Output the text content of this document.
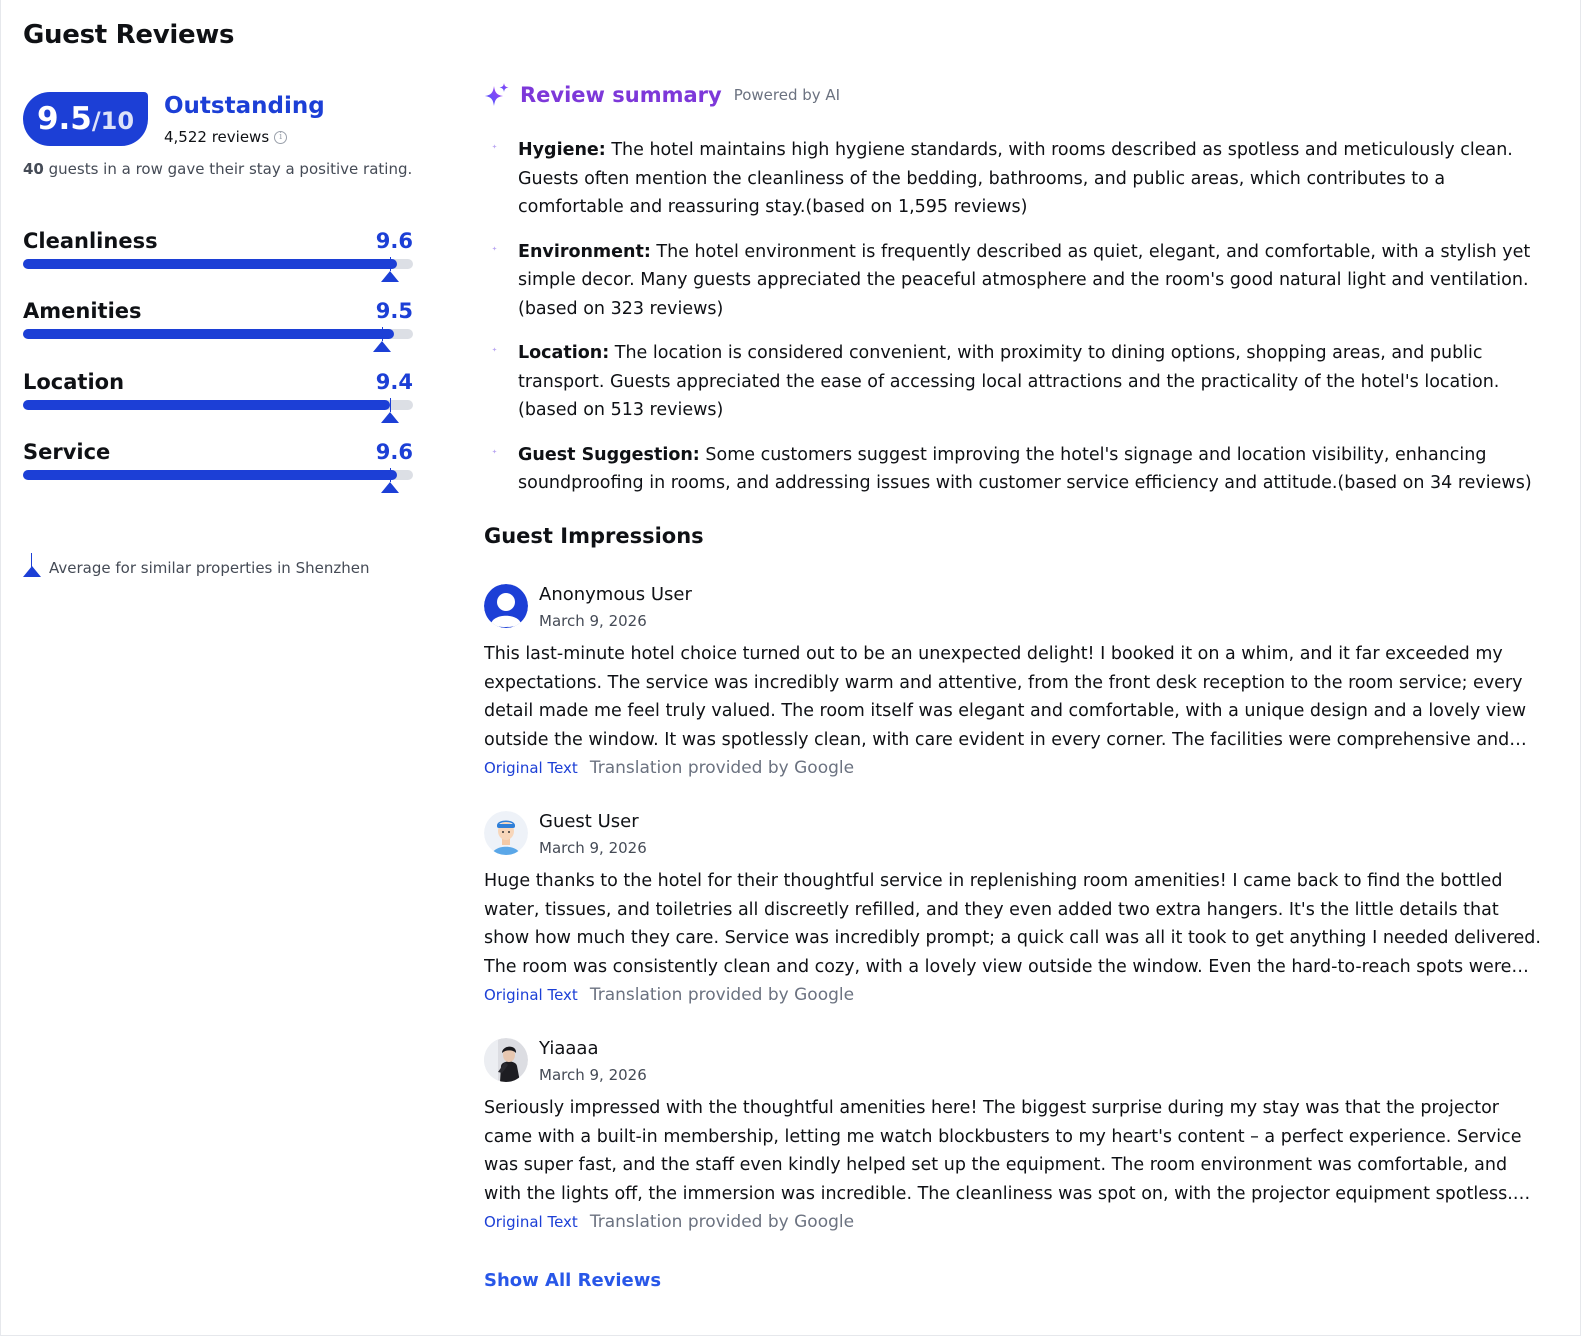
Guest Reviews
9.5 /10
Outstanding
4,522 reviews	i
40 guests in a row gave their stay a positive rating.
Cleanliness	9.6
Amenities	9.5
Location	9.4
Service	9.6
Average for similar properties in Shenzhen
Review summary Powered by AI

Hygiene: The hotel maintains high hygiene standards, with rooms described as spotless and meticulously clean. Guests often mention the cleanliness of the bedding, bathrooms, and public areas, which contributes to a comfortable and reassuring stay.(based on 1,595 reviews)

Environment: The hotel environment is frequently described as quiet, elegant, and comfortable, with a stylish yet simple decor. Many guests appreciated the peaceful atmosphere and the room's good natural light and ventilation.(based on 323 reviews)

Location: The location is considered convenient, with proximity to dining options, shopping areas, and public transport. Guests appreciated the ease of accessing local attractions and the practicality of the hotel's location.(based on 513 reviews)

Guest Suggestion: Some customers suggest improving the hotel's signage and location visibility, enhancing soundproofing in rooms, and addressing issues with customer service efficiency and attitude.(based on 34 reviews)

Guest Impressions
Anonymous User
March 9, 2026

This last-minute hotel choice turned out to be an unexpected delight! I booked it on a whim, and it far exceeded my expectations. The service was incredibly warm and attentive, from the front desk reception to the room service; every detail made me feel truly valued. The room itself was elegant and comfortable, with a unique design and a lovely view outside the window. It was spotlessly clean, with care evident in every corner. The facilities were comprehensive and

Original Text Translation provided by Google
Guest User
March 9, 2026

Huge thanks to the hotel for their thoughtful service in replenishing room amenities! I came back to find the bottled water, tissues, and toiletries all discreetly refilled, and they even added two extra hangers. It's the little details that show how much they care. Service was incredibly prompt; a quick call was all it took to get anything I needed delivered. The room was consistently clean and cozy, with a lovely view outside the window. Even the hard-to-reach spots were

Original Text Translation provided by Google
Yiaaaa
March 9, 2026

Seriously impressed with the thoughtful amenities here! The biggest surprise during my stay was that the projector came with a built-in membership, letting me watch blockbusters to my heart's content – a perfect experience. Service was super fast, and the staff even kindly helped set up the equipment. The room environment was comfortable, and with the lights off, the immersion was incredible. The cleanliness was spot on, with the projector equipment spotless.

Original Text Translation provided by Google
Show All Reviews
